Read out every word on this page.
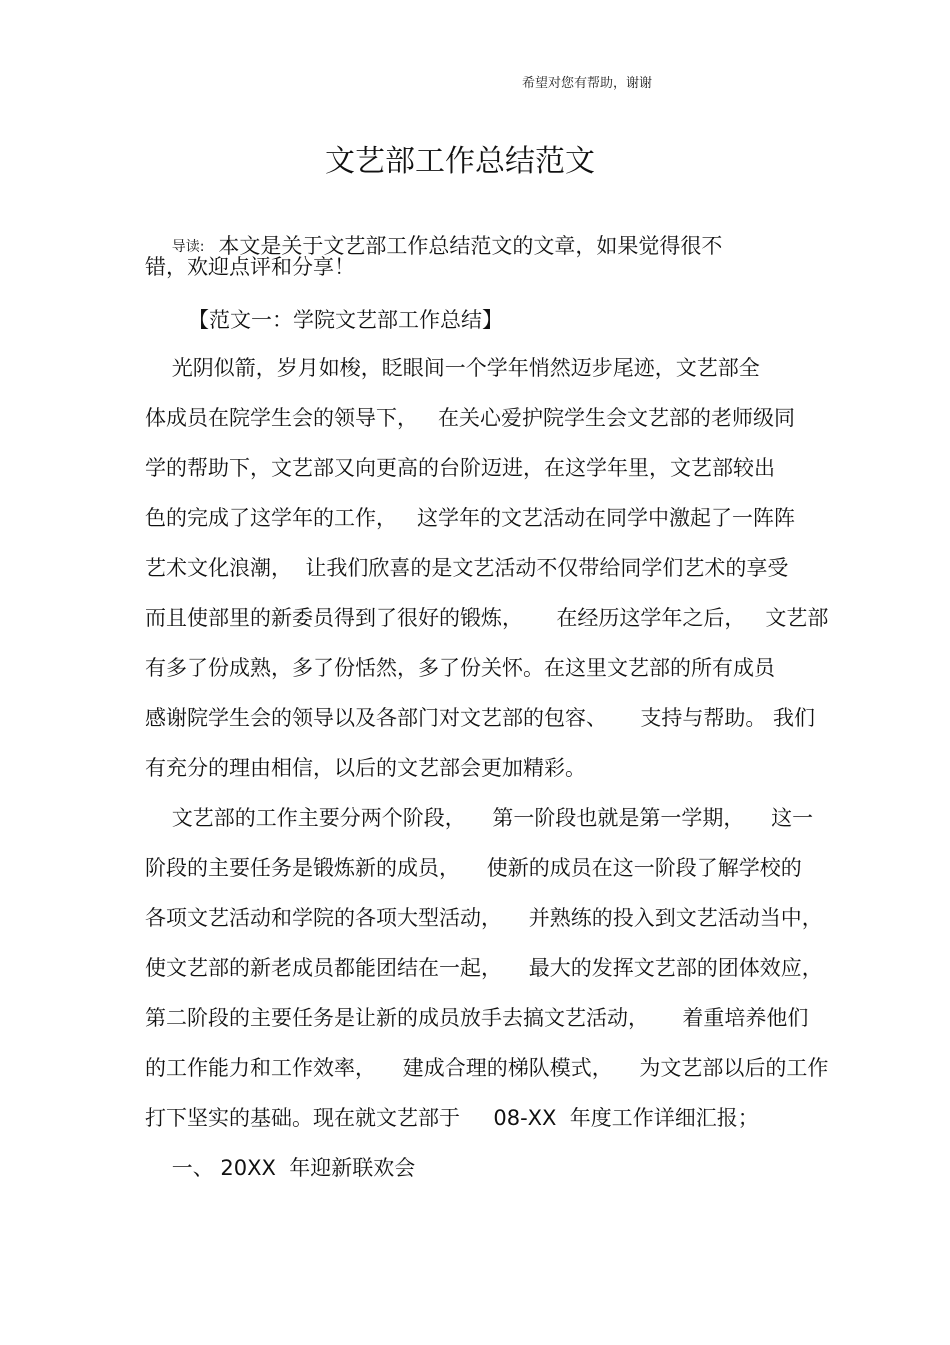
希望对您有帮助，谢谢
文艺部工作总结范文

导读: 本文是关于文艺部工作总结范文的文章，如果觉得很不

错，欢迎点评和分享！
【范文一：学院文艺部工作总结】
光阴似箭，岁月如梭，眨眼间一个学年悄然迈步尾迹，文艺部全
体成员在院学生会的领导下，   在关心爱护院学生会文艺部的老师级同
学的帮助下，文艺部又向更高的台阶迈进，在这学年里，文艺部较出
色的完成了这学年的工作，   这学年的文艺活动在同学中激起了一阵阵
艺术文化浪潮，  让我们欣喜的是文艺活动不仅带给同学们艺术的享受
而且使部里的新委员得到了很好的锻炼，     在经历这学年之后，   文艺部
有多了份成熟，多了份恬然，多了份关怀。在这里文艺部的所有成员
感谢院学生会的领导以及各部门对文艺部的包容、     支持与帮助。 我们
有充分的理由相信，以后的文艺部会更加精彩。
文艺部的工作主要分两个阶段，    第一阶段也就是第一学期，    这一
阶段的主要任务是锻炼新的成员，    使新的成员在这一阶段了解学校的
各项文艺活动和学院的各项大型活动，    并熟练的投入到文艺活动当中，
使文艺部的新老成员都能团结在一起，    最大的发挥文艺部的团体效应，
第二阶段的主要任务是让新的成员放手去搞文艺活动，     着重培养他们
的工作能力和工作效率，    建成合理的梯队模式，    为文艺部以后的工作
打下坚实的基础。现在就文艺部于     08-XX  年度工作详细汇报；
一、 20XX  年迎新联欢会
